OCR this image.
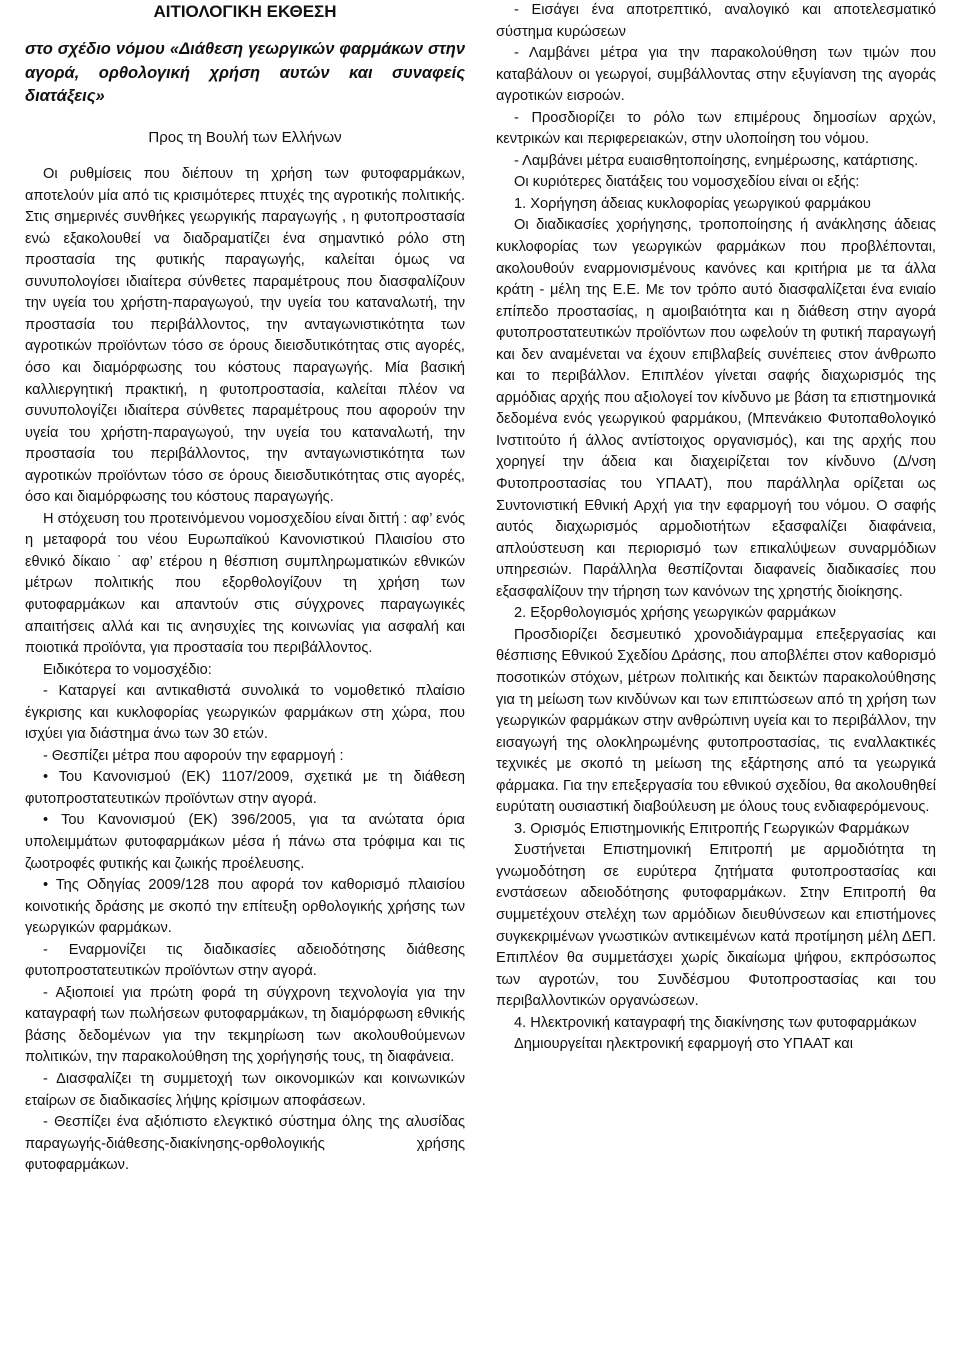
ΑΙΤΙΟΛΟΓΙΚΗ ΕΚΘΕΣΗ
στο σχέδιο νόμου «Διάθεση γεωργικών φαρμάκων στην αγορά, ορθολογική χρήση αυτών και συναφείς διατάξεις»
Προς τη Βουλή των Ελλήνων

Οι ρυθμίσεις που διέπουν τη χρήση των φυτοφαρμάκων, αποτελούν μία από τις κρισιμότερες πτυχές της αγροτικής πολιτικής. Στις σημερινές συνθήκες γεωργικής παραγωγής , η φυτοπροστασία ενώ εξακολουθεί να διαδραματίζει ένα σημαντικό ρόλο στη προστασία της φυτικής παραγωγής, καλείται όμως να συνυπολογίσει ιδιαίτερα σύνθετες παραμέτρους που διασφαλίζουν την υγεία του χρήστη-παραγωγού, την υγεία του καταναλωτή, την προστασία του περιβάλλοντος, την ανταγωνιστικότητα των αγροτικών προϊόντων τόσο σε όρους διεισδυτικότητας στις αγορές, όσο και διαμόρφωσης του κόστους παραγωγής. Μία βασική καλλιεργητική πρακτική, η φυτοπροστασία, καλείται πλέον να συνυπολογίζει ιδιαίτερα σύνθετες παραμέτρους που αφορούν την υγεία του χρήστη-παραγωγού, την υγεία του καταναλωτή, την προστασία του περιβάλλοντος, την ανταγωνιστικότητα των αγροτικών προϊόντων τόσο σε όρους διεισδυτικότητας στις αγορές, όσο και διαμόρφωσης του κόστους παραγωγής.

Η στόχευση του προτεινόμενου νομοσχεδίου είναι διττή : αφ’ ενός η μεταφορά του νέου Ευρωπαϊκού Κανονιστικού Πλαισίου στο εθνικό δίκαιο ˙ αφ’ ετέρου η θέσπιση συμπληρωματικών εθνικών μέτρων πολιτικής που εξορθολογίζουν τη χρήση των φυτοφαρμάκων και απαντούν στις σύγχρονες παραγωγικές απαιτήσεις αλλά και τις ανησυχίες της κοινωνίας για ασφαλή και ποιοτικά προϊόντα, για προστασία του περιβάλλοντος.

Ειδικότερα το νομοσχέδιο:

- Καταργεί και αντικαθιστά συνολικά το νομοθετικό πλαίσιο έγκρισης και κυκλοφορίας γεωργικών φαρμάκων στη χώρα, που ισχύει για διάστημα άνω των 30 ετών.

- Θεσπίζει μέτρα που αφορούν την εφαρμογή :

• Του Κανονισμού (ΕΚ) 1107/2009, σχετικά με τη διάθεση φυτοπροστατευτικών προϊόντων στην αγορά.

• Του Κανονισμού (ΕΚ) 396/2005, για τα ανώτατα όρια υπολειμμάτων φυτοφαρμάκων μέσα ή πάνω στα τρόφιμα και τις ζωοτροφές φυτικής και ζωικής προέλευσης.

• Της Οδηγίας 2009/128 που αφορά τον καθορισμό πλαισίου κοινοτικής δράσης με σκοπό την επίτευξη ορθολογικής χρήσης των γεωργικών φαρμάκων.

- Εναρμονίζει τις διαδικασίες αδειοδότησης διάθεσης φυτοπροστατευτικών προϊόντων στην αγορά.

- Αξιοποιεί για πρώτη φορά τη σύγχρονη τεχνολογία για την καταγραφή των πωλήσεων φυτοφαρμάκων, τη διαμόρφωση εθνικής βάσης δεδομένων για την τεκμηρίωση των ακολουθούμενων πολιτικών, την παρακολούθηση της χορήγησής τους, τη διαφάνεια.

- Διασφαλίζει τη συμμετοχή των οικονομικών και κοινωνικών εταίρων σε διαδικασίες λήψης κρίσιμων αποφάσεων.

- Θεσπίζει ένα αξιόπιστο ελεγκτικό σύστημα όλης της αλυσίδας παραγωγής-διάθεσης-διακίνησης-ορθολογικής χρήσης φυτοφαρμάκων.

- Εισάγει ένα αποτρεπτικό, αναλογικό και αποτελεσματικό σύστημα κυρώσεων

- Λαμβάνει μέτρα για την παρακολούθηση των τιμών που καταβάλουν οι γεωργοί, συμβάλλοντας στην εξυγίανση της αγοράς αγροτικών εισροών.

- Προσδιορίζει το ρόλο των επιμέρους δημοσίων αρχών, κεντρικών και περιφερειακών, στην υλοποίηση του νόμου.

- Λαμβάνει μέτρα ευαισθητοποίησης, ενημέρωσης, κατάρτισης.

Οι κυριότερες διατάξεις του νομοσχεδίου είναι οι εξής:

1. Χορήγηση άδειας κυκλοφορίας γεωργικού φαρμάκου

Οι διαδικασίες χορήγησης, τροποποίησης ή ανάκλησης άδειας κυκλοφορίας των γεωργικών φαρμάκων που προβλέπονται, ακολουθούν εναρμονισμένους κανόνες και κριτήρια με τα άλλα κράτη - μέλη της Ε.Ε. Με τον τρόπο αυτό διασφαλίζεται ένα ενιαίο επίπεδο προστασίας, η αμοιβαιότητα και η διάθεση στην αγορά φυτοπροστατευτικών προϊόντων που ωφελούν τη φυτική παραγωγή και δεν αναμένεται να έχουν επιβλαβείς συνέπειες στον άνθρωπο και το περιβάλλον. Επιπλέον γίνεται σαφής διαχωρισμός της αρμόδιας αρχής που αξιολογεί τον κίνδυνο με βάση τα επιστημονικά δεδομένα ενός γεωργικού φαρμάκου, (Μπενάκειο Φυτοπαθολογικό Ινστιτούτο ή άλλος αντίστοιχος οργανισμός), και της αρχής που χορηγεί την άδεια και διαχειρίζεται τον κίνδυνο (Δ/νση Φυτοπροστασίας του ΥΠΑΑΤ), που παράλληλα ορίζεται ως Συντονιστική Εθνική Αρχή για την εφαρμογή του νόμου. Ο σαφής αυτός διαχωρισμός αρμοδιοτήτων εξασφαλίζει διαφάνεια, απλούστευση και περιορισμό των επικαλύψεων συναρμόδιων υπηρεσιών. Παράλληλα θεσπίζονται διαφανείς διαδικασίες που εξασφαλίζουν την τήρηση των κανόνων της χρηστής διοίκησης.

2. Εξορθολογισμός χρήσης γεωργικών φαρμάκων

Προσδιορίζει δεσμευτικό χρονοδιάγραμμα επεξεργασίας και θέσπισης Εθνικού Σχεδίου Δράσης, που αποβλέπει στον καθορισμό ποσοτικών στόχων, μέτρων πολιτικής και δεικτών παρακολούθησης για τη μείωση των κινδύνων και των επιπτώσεων από τη χρήση των γεωργικών φαρμάκων στην ανθρώπινη υγεία και το περιβάλλον, την εισαγωγή της ολοκληρωμένης φυτοπροστασίας, τις εναλλακτικές τεχνικές με σκοπό τη μείωση της εξάρτησης από τα γεωργικά φάρμακα. Για την επεξεργασία του εθνικού σχεδίου, θα ακολουθηθεί ευρύτατη ουσιαστική διαβούλευση με όλους τους ενδιαφερόμενους.

3. Ορισμός Επιστημονικής Επιτροπής Γεωργικών Φαρμάκων

Συστήνεται Επιστημονική Επιτροπή με αρμοδιότητα τη γνωμοδότηση σε ευρύτερα ζητήματα φυτοπροστασίας και ενστάσεων αδειοδότησης φυτοφαρμάκων. Στην Επιτροπή θα συμμετέχουν στελέχη των αρμόδιων διευθύνσεων και επιστήμονες συγκεκριμένων γνωστικών αντικειμένων κατά προτίμηση μέλη ΔΕΠ. Επιπλέον θα συμμετάσχει χωρίς δικαίωμα ψήφου, εκπρόσωπος των αγροτών, του Συνδέσμου Φυτοπροστασίας και του περιβαλλοντικών οργανώσεων.

4. Ηλεκτρονική καταγραφή της διακίνησης των φυτοφαρμάκων

Δημιουργείται ηλεκτρονική εφαρμογή στο ΥΠΑΑΤ και
